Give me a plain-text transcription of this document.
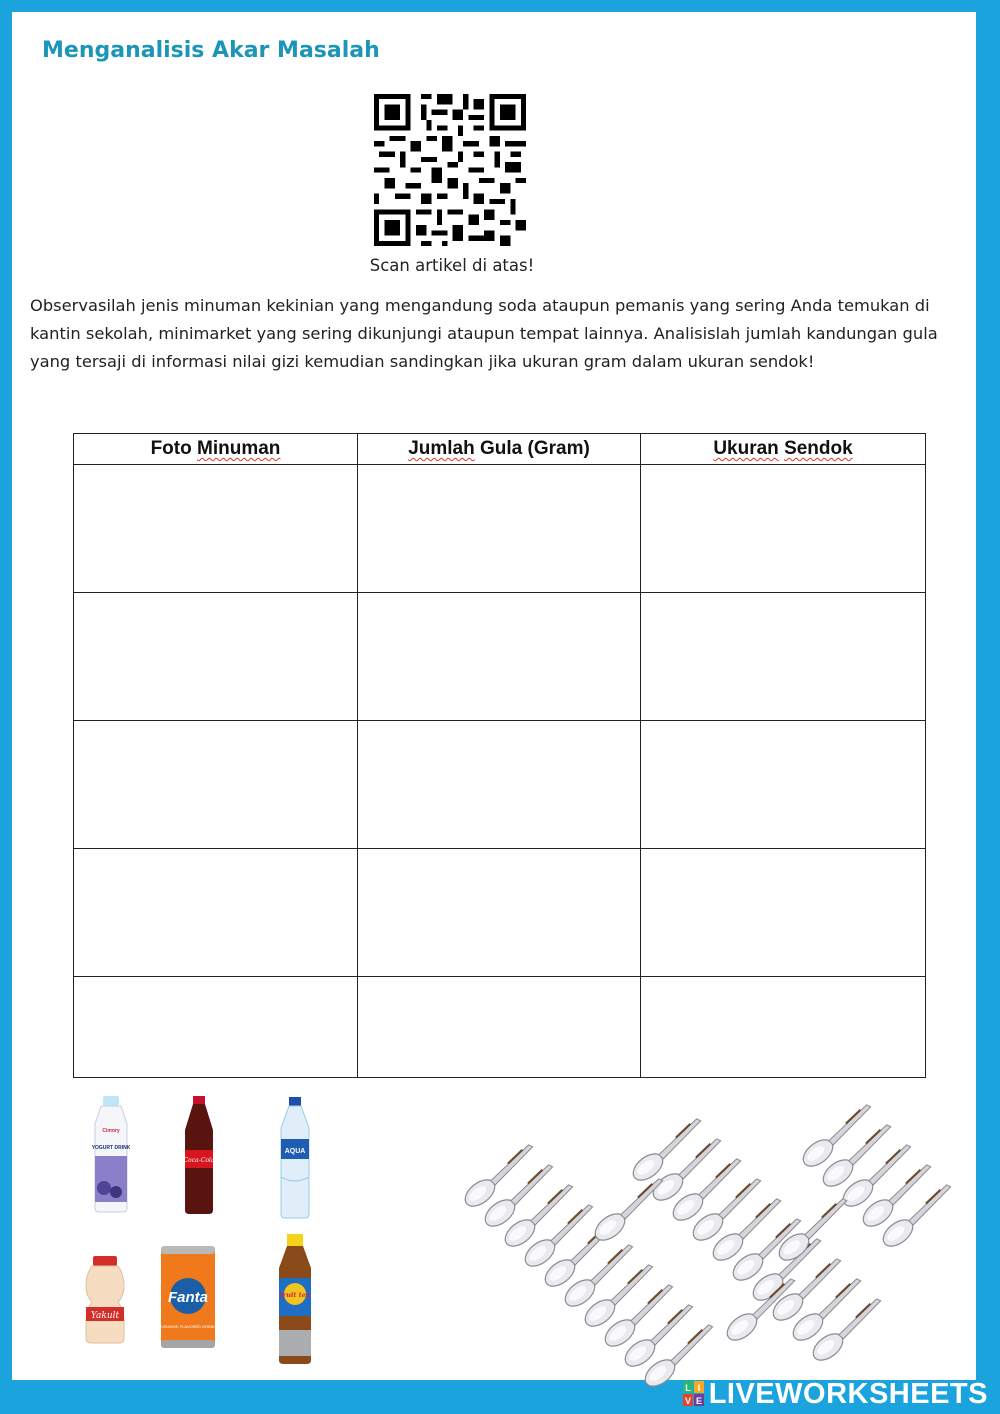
Menganalisis Akar Masalah
Scan artikel di atas!

Observasilah jenis minuman kekinian yang mengandung soda ataupun pemanis yang sering Anda temukan di kantin sekolah, minimarket yang sering dikunjungi ataupun tempat lainnya. Analisislah jumlah kandungan gula yang tersaji di informasi nilai gizi kemudian sandingkan jika ukuran gram dalam ukuran sendok!

Foto Minuman	Jumlah Gula (Gram)	Ukuran Sendok

Cimory
YOGURT DRINK
Coca-Cola
AQUA
Yakult
Fanta
ORANGE FLAVORED DRINK
fruit tea
L I
V E LIVEWORKSHEETS
